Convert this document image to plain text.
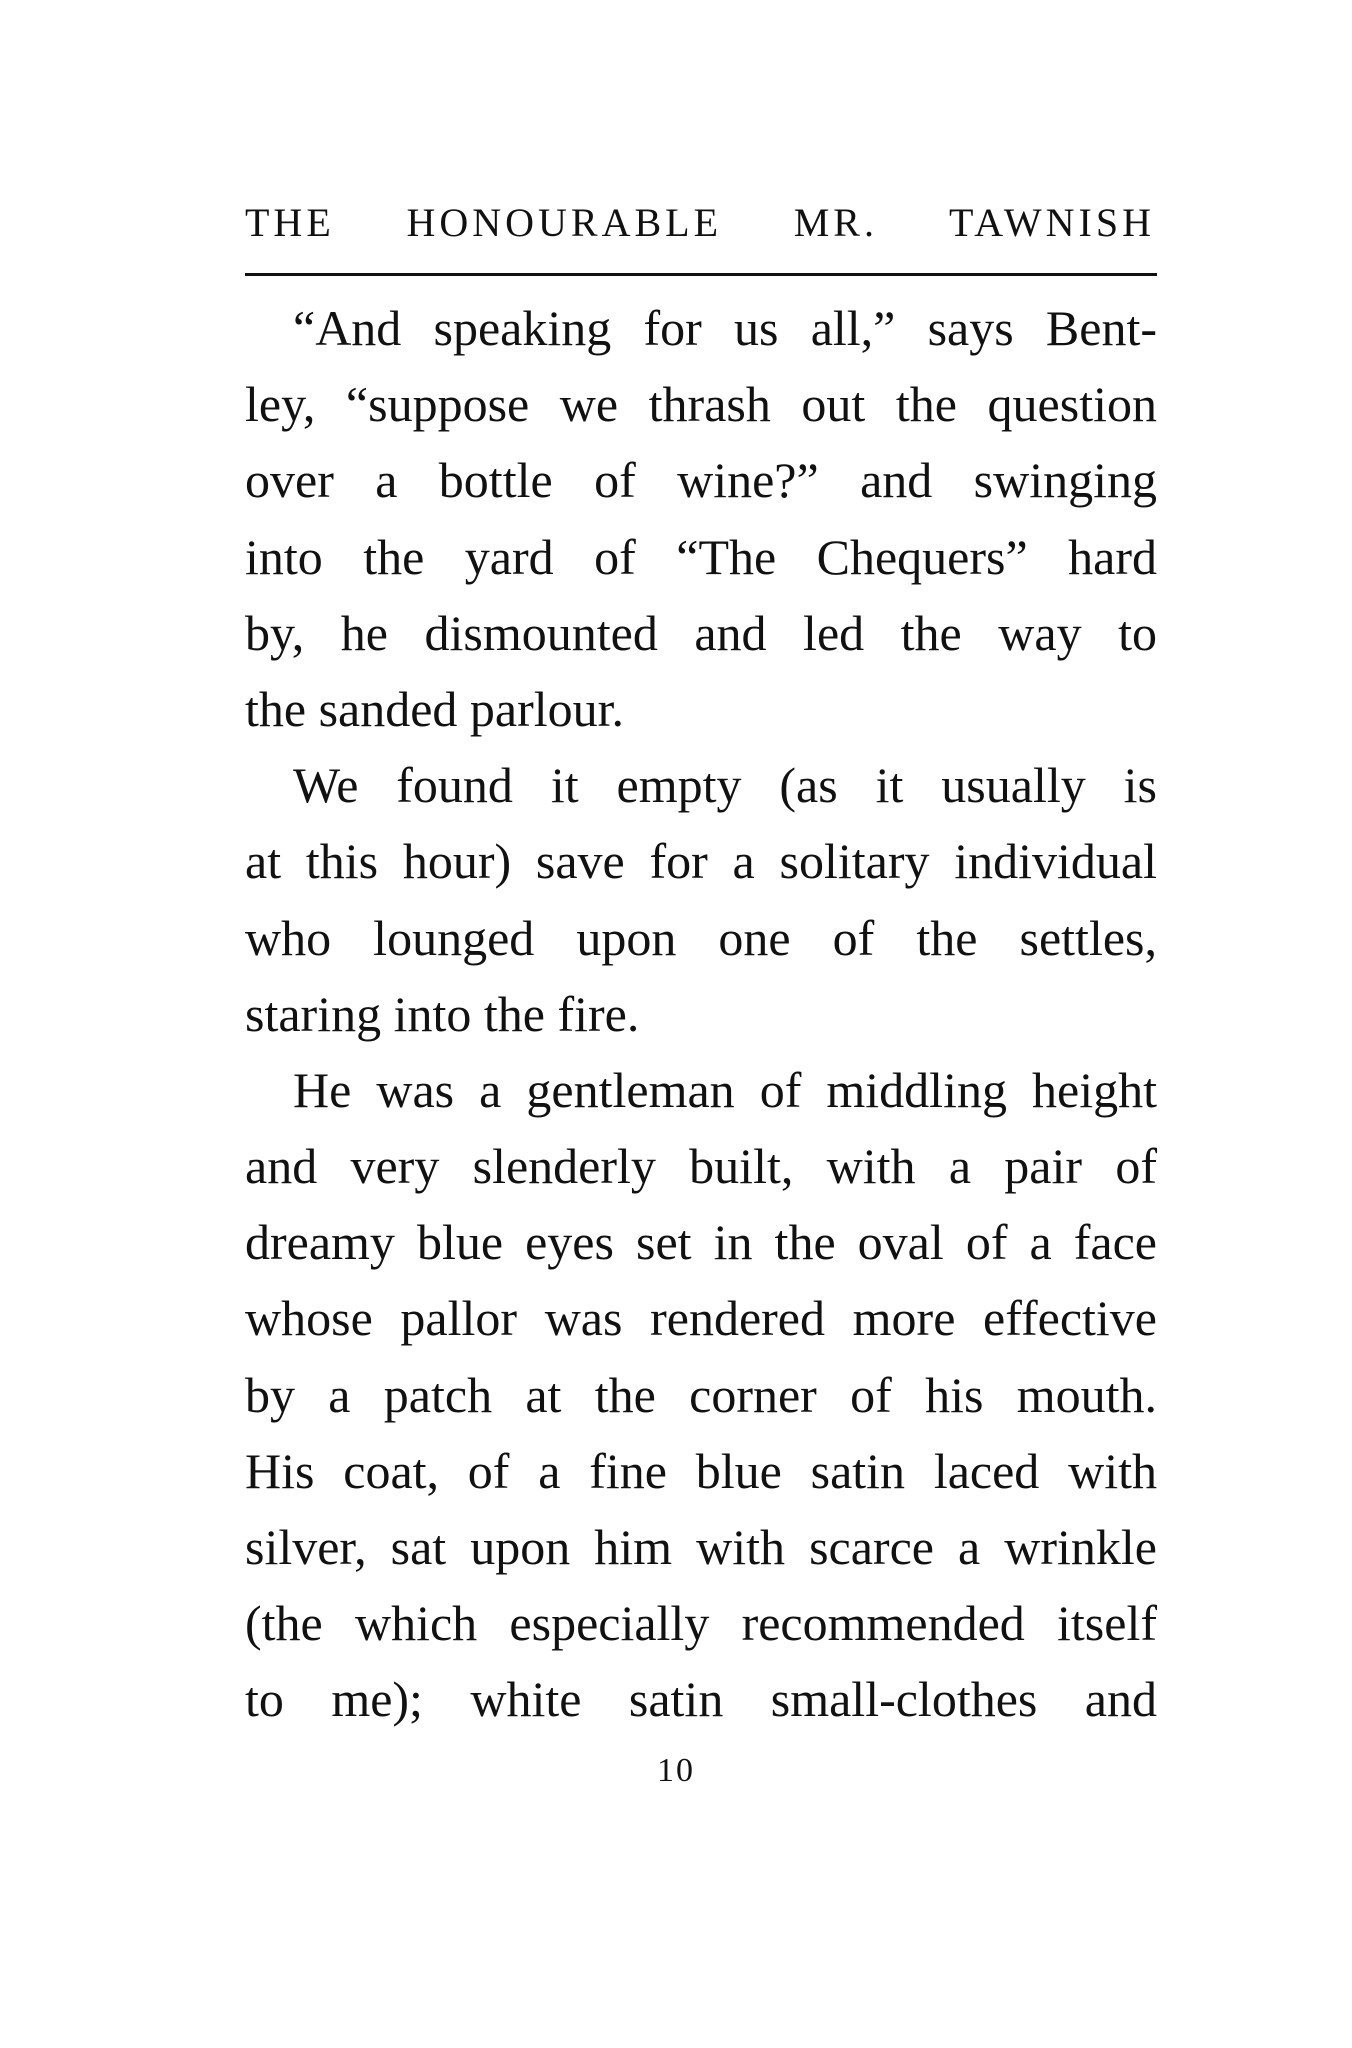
THE HONOURABLE MR. TAWNISH

“And speaking for us all,” says Bent-
ley, “suppose we thrash out the question
over a bottle of wine?” and swinging
into the yard of “The Chequers” hard
by, he dismounted and led the way to
the sanded parlour.

We found it empty (as it usually is
at this hour) save for a solitary individual
who lounged upon one of the settles,
staring into the fire.

He was a gentleman of middling height
and very slenderly built, with a pair of
dreamy blue eyes set in the oval of a face
whose pallor was rendered more effective
by a patch at the corner of his mouth.
His coat, of a fine blue satin laced with
silver, sat upon him with scarce a wrinkle
(the which especially recommended itself
to me); white satin small-clothes and

10
